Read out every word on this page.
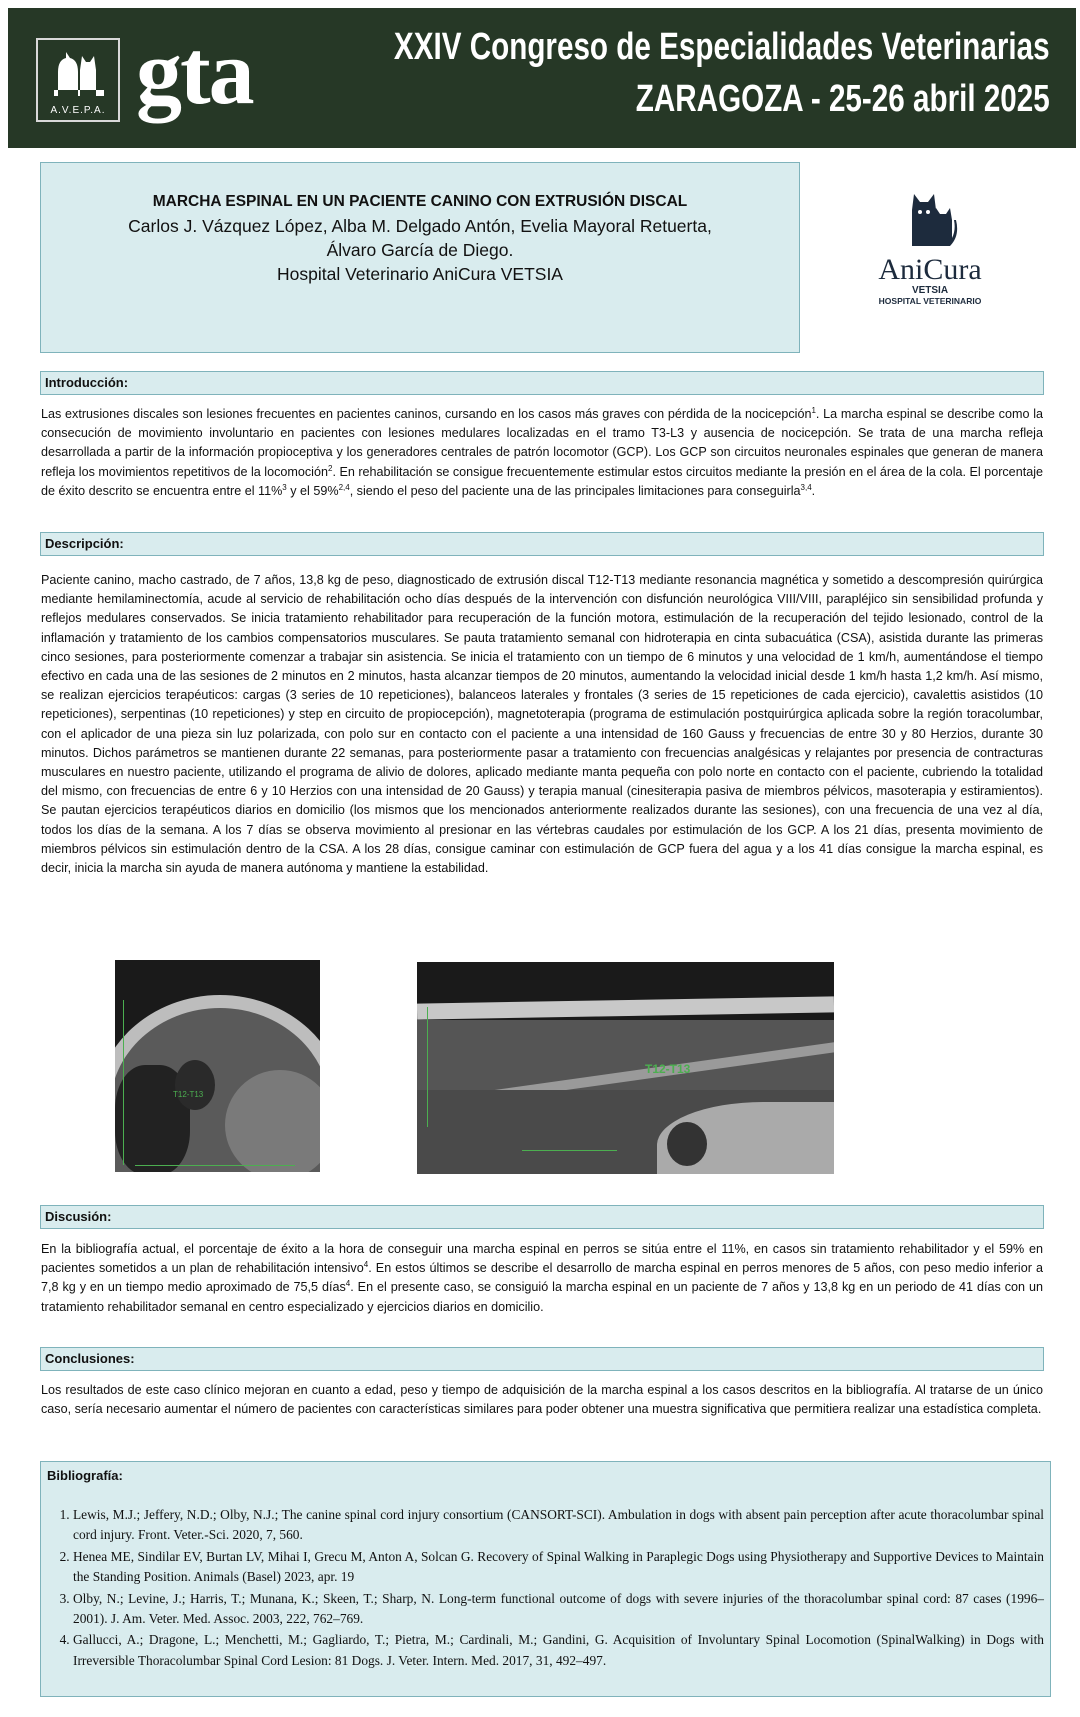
A.V.E.P.A. gta	XXIV Congreso de Especialidades Veterinarias
ZARAGOZA - 25-26 abril 2025
MARCHA ESPINAL EN UN PACIENTE CANINO CON EXTRUSIÓN DISCAL
Carlos J. Vázquez López, Alba M. Delgado Antón, Evelia Mayoral Retuerta,
Álvaro García de Diego.
Hospital Veterinario AniCura VETSIA	AniCura
VETSIA
HOSPITAL VETERINARIO
Introducción:
Las extrusiones discales son lesiones frecuentes en pacientes caninos, cursando en los casos más graves con pérdida de la nocicepción$^1$. La marcha espinal se describe como la consecución de movimiento involuntario en pacientes con lesiones medulares localizadas en el tramo T3-L3 y ausencia de nocicepción. Se trata de una marcha refleja desarrollada a partir de la información propioceptiva y los generadores centrales de patrón locomotor (GCP). Los GCP son circuitos neuronales espinales que generan de manera refleja los movimientos repetitivos de la locomoción$^2$. En rehabilitación se consigue frecuentemente estimular estos circuitos mediante la presión en el área de la cola. El porcentaje de éxito descrito se encuentra entre el 11%$^3$ y el 59%$^{2,4}$, siendo el peso del paciente una de las principales limitaciones para conseguirla$^{3,4}$.
Descripción:
Paciente canino, macho castrado, de 7 años, 13,8 kg de peso, diagnosticado de extrusión discal T12-T13 mediante resonancia magnética y sometido a descompresión quirúrgica mediante hemilaminectomía, acude al servicio de rehabilitación ocho días después de la intervención con disfunción neurológica VIII/VIII, parapléjico sin sensibilidad profunda y reflejos medulares conservados. Se inicia tratamiento rehabilitador para recuperación de la función motora, estimulación de la recuperación del tejido lesionado, control de la inflamación y tratamiento de los cambios compensatorios musculares. Se pauta tratamiento semanal con hidroterapia en cinta subacuática (CSA), asistida durante las primeras cinco sesiones, para posteriormente comenzar a trabajar sin asistencia. Se inicia el tratamiento con un tiempo de 6 minutos y una velocidad de 1 km/h, aumentándose el tiempo efectivo en cada una de las sesiones de 2 minutos en 2 minutos, hasta alcanzar tiempos de 20 minutos, aumentando la velocidad inicial desde 1 km/h hasta 1,2 km/h. Así mismo, se realizan ejercicios terapéuticos: cargas (3 series de 10 repeticiones), balanceos laterales y frontales (3 series de 15 repeticiones de cada ejercicio), cavalettis asistidos (10 repeticiones), serpentinas (10 repeticiones) y step en circuito de propiocepción), magnetoterapia (programa de estimulación postquirúrgica aplicada sobre la región toracolumbar, con el aplicador de una pieza sin luz polarizada, con polo sur en contacto con el paciente a una intensidad de 160 Gauss y frecuencias de entre 30 y 80 Herzios, durante 30 minutos. Dichos parámetros se mantienen durante 22 semanas, para posteriormente pasar a tratamiento con frecuencias analgésicas y relajantes por presencia de contracturas musculares en nuestro paciente, utilizando el programa de alivio de dolores, aplicado mediante manta pequeña con polo norte en contacto con el paciente, cubriendo la totalidad del mismo, con frecuencias de entre 6 y 10 Herzios con una intensidad de 20 Gauss) y terapia manual (cinesiterapia pasiva de miembros pélvicos, masoterapia y estiramientos). Se pautan ejercicios terapéuticos diarios en domicilio (los mismos que los mencionados anteriormente realizados durante las sesiones), con una frecuencia de una vez al día, todos los días de la semana. A los 7 días se observa movimiento al presionar en las vértebras caudales por estimulación de los GCP. A los 21 días, presenta movimiento de miembros pélvicos sin estimulación dentro de la CSA. A los 28 días, consigue caminar con estimulación de GCP fuera del agua y a los 41 días consigue la marcha espinal, es decir, inicia la marcha sin ayuda de manera autónoma y mantiene la estabilidad.
T12-T13
T12-T13
Discusión:
En la bibliografía actual, el porcentaje de éxito a la hora de conseguir una marcha espinal en perros se sitúa entre el 11%, en casos sin tratamiento rehabilitador y el 59% en pacientes sometidos a un plan de rehabilitación intensivo$^4$. En estos últimos se describe el desarrollo de marcha espinal en perros menores de 5 años, con peso medio inferior a 7,8 kg y en un tiempo medio aproximado de 75,5 días$^4$. En el presente caso, se consiguió la marcha espinal en un paciente de 7 años y 13,8 kg en un periodo de 41 días con un tratamiento rehabilitador semanal en centro especializado y ejercicios diarios en domicilio.
Conclusiones:
Los resultados de este caso clínico mejoran en cuanto a edad, peso y tiempo de adquisición de la marcha espinal a los casos descritos en la bibliografía. Al tratarse de un único caso, sería necesario aumentar el número de pacientes con características similares para poder obtener una muestra significativa que permitiera realizar una estadística completa.
Bibliografía:
1. Lewis, M.J.; Jeffery, N.D.; Olby, N.J.; The canine spinal cord injury consortium (CANSORT-SCI). Ambulation in dogs with absent pain perception after acute thoracolumbar spinal cord injury. Front. Veter.-Sci. 2020, 7, 560.
2. Henea ME, Sindilar EV, Burtan LV, Mihai I, Grecu M, Anton A, Solcan G. Recovery of Spinal Walking in Paraplegic Dogs using Physiotherapy and Supportive Devices to Maintain the Standing Position. Animals (Basel) 2023, apr. 19
3. Olby, N.; Levine, J.; Harris, T.; Munana, K.; Skeen, T.; Sharp, N. Long-term functional outcome of dogs with severe injuries of the thoracolumbar spinal cord: 87 cases (1996–2001). J. Am. Veter. Med. Assoc. 2003, 222, 762–769.
4. Gallucci, A.; Dragone, L.; Menchetti, M.; Gagliardo, T.; Pietra, M.; Cardinali, M.; Gandini, G. Acquisition of Involuntary Spinal Locomotion (SpinalWalking) in Dogs with Irreversible Thoracolumbar Spinal Cord Lesion: 81 Dogs. J. Veter. Intern. Med. 2017, 31, 492–497.
